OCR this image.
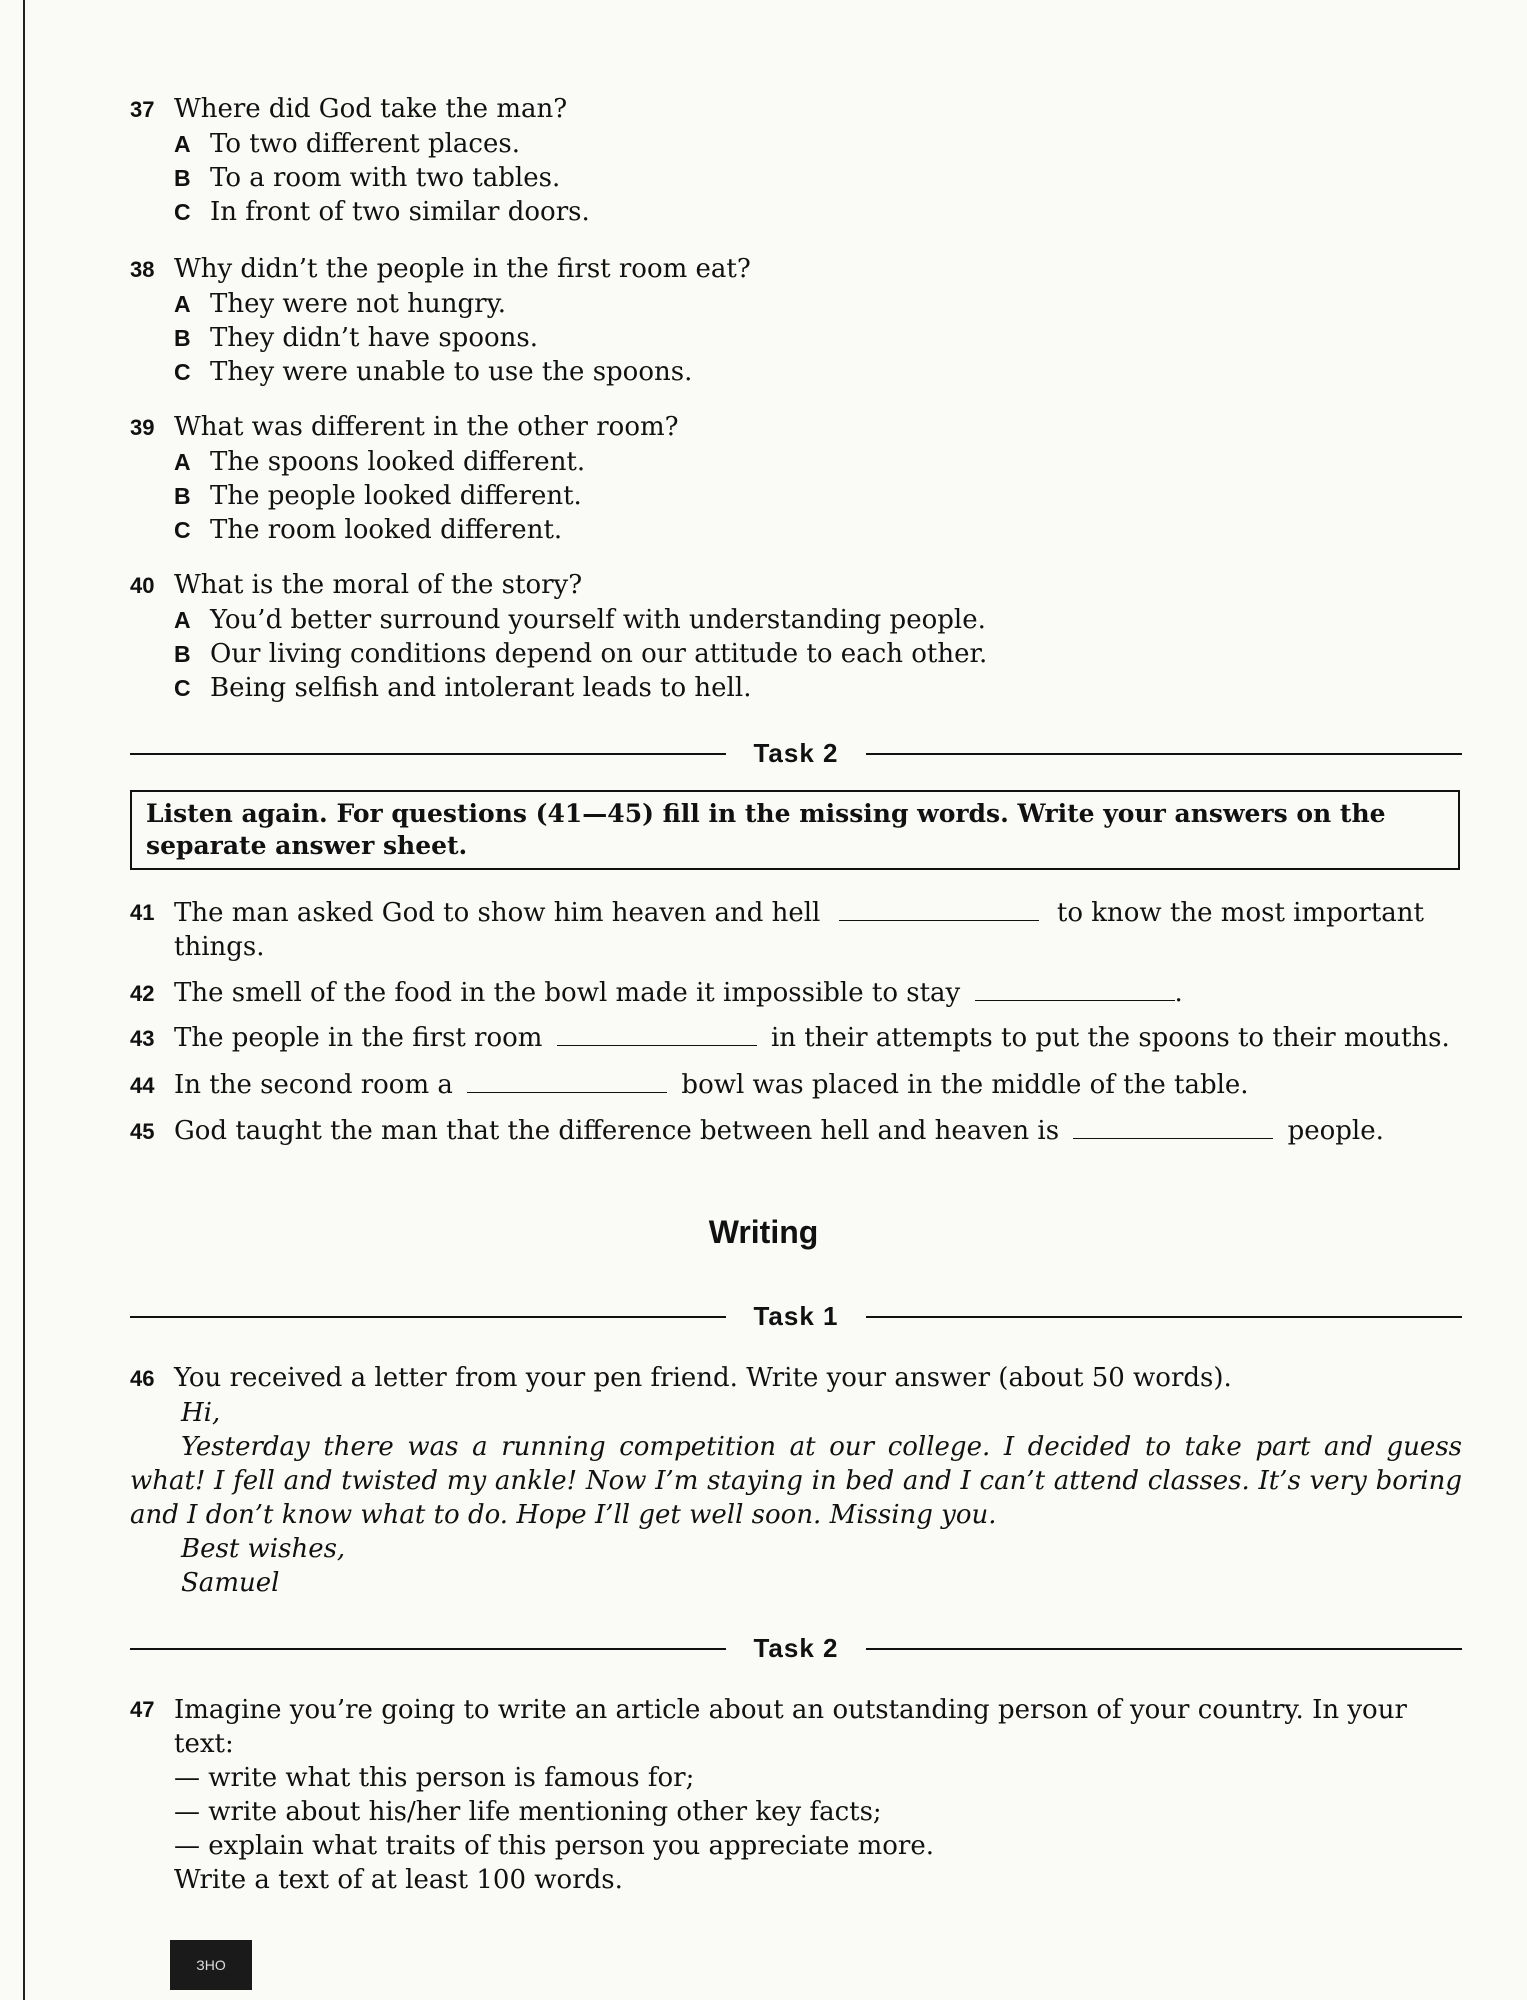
37 Where did God take the man?
A To two different places.
B To a room with two tables.
C In front of two similar doors.
38 Why didn’t the people in the first room eat?
A They were not hungry.
B They didn’t have spoons.
C They were unable to use the spoons.
39 What was different in the other room?
A The spoons looked different.
B The people looked different.
C The room looked different.
40 What is the moral of the story?
A You’d better surround yourself with understanding people.
B Our living conditions depend on our attitude to each other.
C Being selfish and intolerant leads to hell.
Task 2
Listen again. For questions (41—45) fill in the missing words. Write your answers on the separate answer sheet.
41 The man asked God to show him heaven and hell	to know the most important things.
42 The smell of the food in the bowl made it impossible to stay	.
43 The people in the first room	in their attempts to put the spoons to their mouths.
44 In the second room a	bowl was placed in the middle of the table.
45 God taught the man that the difference between hell and heaven is	people.
Writing
Task 1
46 You received a letter from your pen friend. Write your answer (about 50 words).
Hi,
Yesterday there was a running competition at our college. I decided to take part and guess what! I fell and twisted my ankle! Now I’m staying in bed and I can’t attend classes. It’s very boring and I don’t know what to do. Hope I’ll get well soon. Missing you.
Best wishes,
Samuel
Task 2
47 Imagine you’re going to write an article about an outstanding person of your country. In your text:
— write what this person is famous for;
— write about his/her life mentioning other key facts;
— explain what traits of this person you appreciate more.
Write a text of at least 100 words.
ЗНО
